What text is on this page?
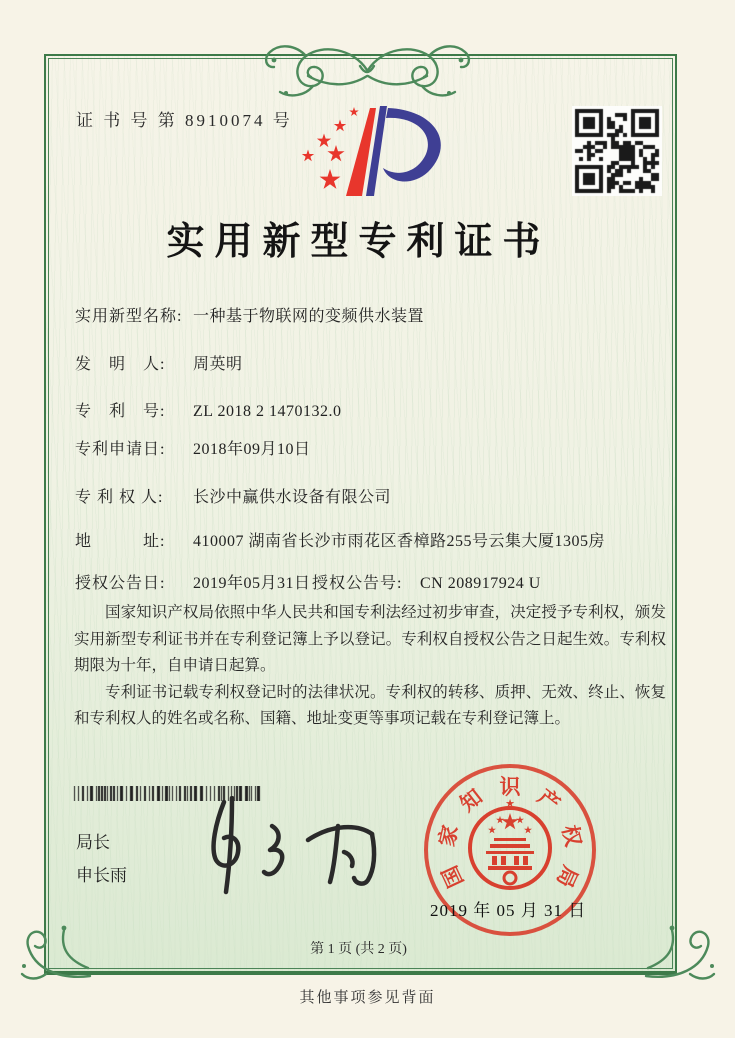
证 书 号 第 8910074 号
实用新型专利证书
实用新型名称: 一种基于物联网的变频供水装置
发　明　人: 周英明
专　利　号: ZL 2018 2 1470132.0
专利申请日: 2018年09月10日
专 利 权 人: 长沙中赢供水设备有限公司
地　　　址: 410007 湖南省长沙市雨花区香樟路255号云集大厦1305房
授权公告日: 2019年05月31日 授权公告号: CN 208917924 U

国家知识产权局依照中华人民共和国专利法经过初步审查，决定授予专利权，颁发实用新型专利证书并在专利登记簿上予以登记。专利权自授权公告之日起生效。专利权期限为十年，自申请日起算。

专利证书记载专利权登记时的法律状况。专利权的转移、质押、无效、终止、恢复和专利权人的姓名或名称、国籍、地址变更等事项记载在专利登记簿上。

局长
申长雨	国
家
知 识 产
权
局
★
2019 年 05 月 31 日
第 1 页 (共 2 页)
其他事项参见背面
